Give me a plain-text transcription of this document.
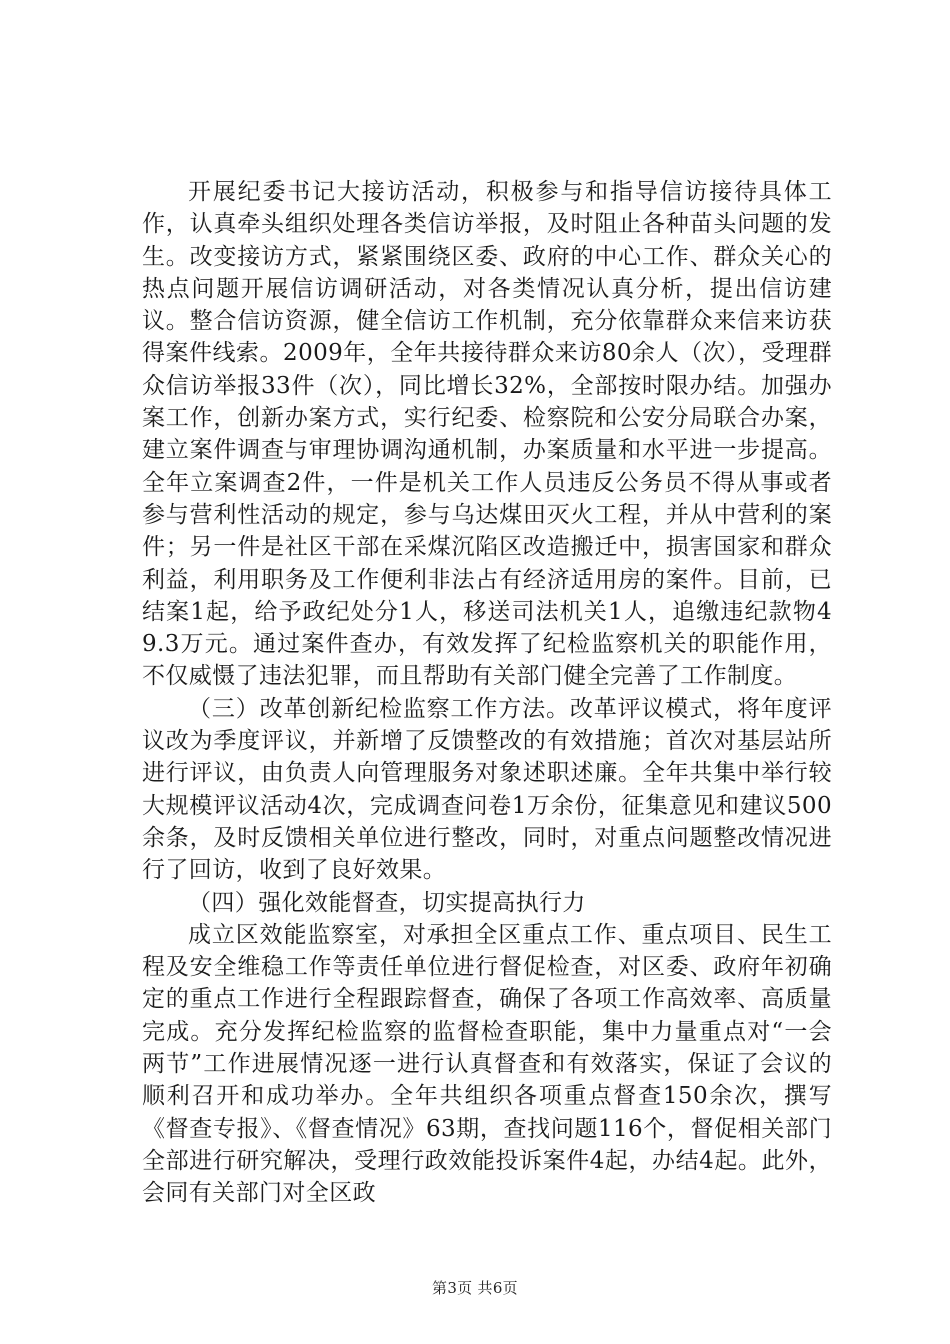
开展纪委书记大接访活动，积极参与和指导信访接待具体工作，认真牵头组织处理各类信访举报，及时阻止各种苗头问题的发生。改变接访方式，紧紧围绕区委、政府的中心工作、群众关心的热点问题开展信访调研活动，对各类情况认真分析，提出信访建议。整合信访资源，健全信访工作机制，充分依靠群众来信来访获得案件线索。2009年，全年共接待群众来访80余人（次），受理群众信访举报33件（次），同比增长32%，全部按时限办结。加强办案工作，创新办案方式，实行纪委、检察院和公安分局联合办案，建立案件调查与审理协调沟通机制，办案质量和水平进一步提高。全年立案调查2件，一件是机关工作人员违反公务员不得从事或者参与营利性活动的规定，参与乌达煤田灭火工程，并从中营利的案件；另一件是社区干部在采煤沉陷区改造搬迁中，损害国家和群众利益，利用职务及工作便利非法占有经济适用房的案件。目前，已结案1起，给予政纪处分1人，移送司法机关1人，追缴违纪款物49.3万元。通过案件查办，有效发挥了纪检监察机关的职能作用，不仅威慑了违法犯罪，而且帮助有关部门健全完善了工作制度。

（三）改革创新纪检监察工作方法。改革评议模式，将年度评议改为季度评议，并新增了反馈整改的有效措施；首次对基层站所进行评议，由负责人向管理服务对象述职述廉。全年共集中举行较大规模评议活动4次，完成调查问卷1万余份，征集意见和建议500余条，及时反馈相关单位进行整改，同时，对重点问题整改情况进行了回访，收到了良好效果。

（四）强化效能督查，切实提高执行力

成立区效能监察室，对承担全区重点工作、重点项目、民生工程及安全维稳工作等责任单位进行督促检查，对区委、政府年初确定的重点工作进行全程跟踪督查，确保了各项工作高效率、高质量完成。充分发挥纪检监察的监督检查职能，集中力量重点对“一会两节”工作进展情况逐一进行认真督查和有效落实，保证了会议的顺利召开和成功举办。全年共组织各项重点督查150余次，撰写《督查专报》、《督查情况》63期，查找问题116个，督促相关部门全部进行研究解决，受理行政效能投诉案件4起，办结4起。此外，会同有关部门对全区政

第3页 共6页
